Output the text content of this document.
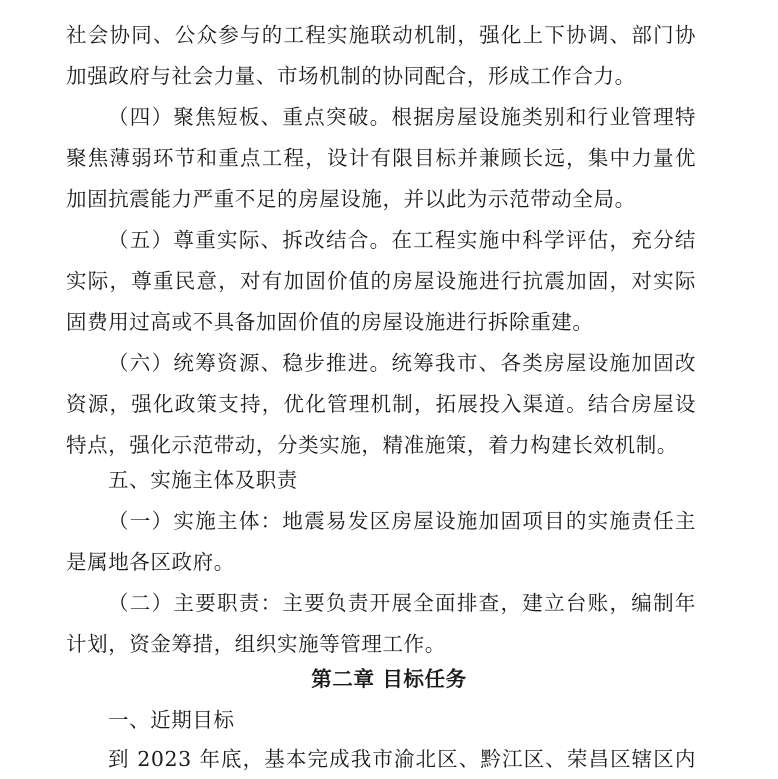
社会协同、公众参与的工程实施联动机制，强化上下协调、部门协
加强政府与社会力量、市场机制的协同配合，形成工作合力。
（四）聚焦短板、重点突破。根据房屋设施类别和行业管理特
聚焦薄弱环节和重点工程，设计有限目标并兼顾长远，集中力量优
加固抗震能力严重不足的房屋设施，并以此为示范带动全局。
（五）尊重实际、拆改结合。在工程实施中科学评估，充分结
实际，尊重民意，对有加固价值的房屋设施进行抗震加固，对实际
固费用过高或不具备加固价值的房屋设施进行拆除重建。
（六）统筹资源、稳步推进。统筹我市、各类房屋设施加固改
资源，强化政策支持，优化管理机制，拓展投入渠道。结合房屋设
特点，强化示范带动，分类实施，精准施策，着力构建长效机制。
五、实施主体及职责
（一）实施主体：地震易发区房屋设施加固项目的实施责任主
是属地各区政府。
（二）主要职责：主要负责开展全面排查，建立台账，编制年
计划，资金筹措，组织实施等管理工作。
第二章 目标任务
一、近期目标
到 2023 年底，基本完成我市渝北区、黔江区、荣昌区辖区内
